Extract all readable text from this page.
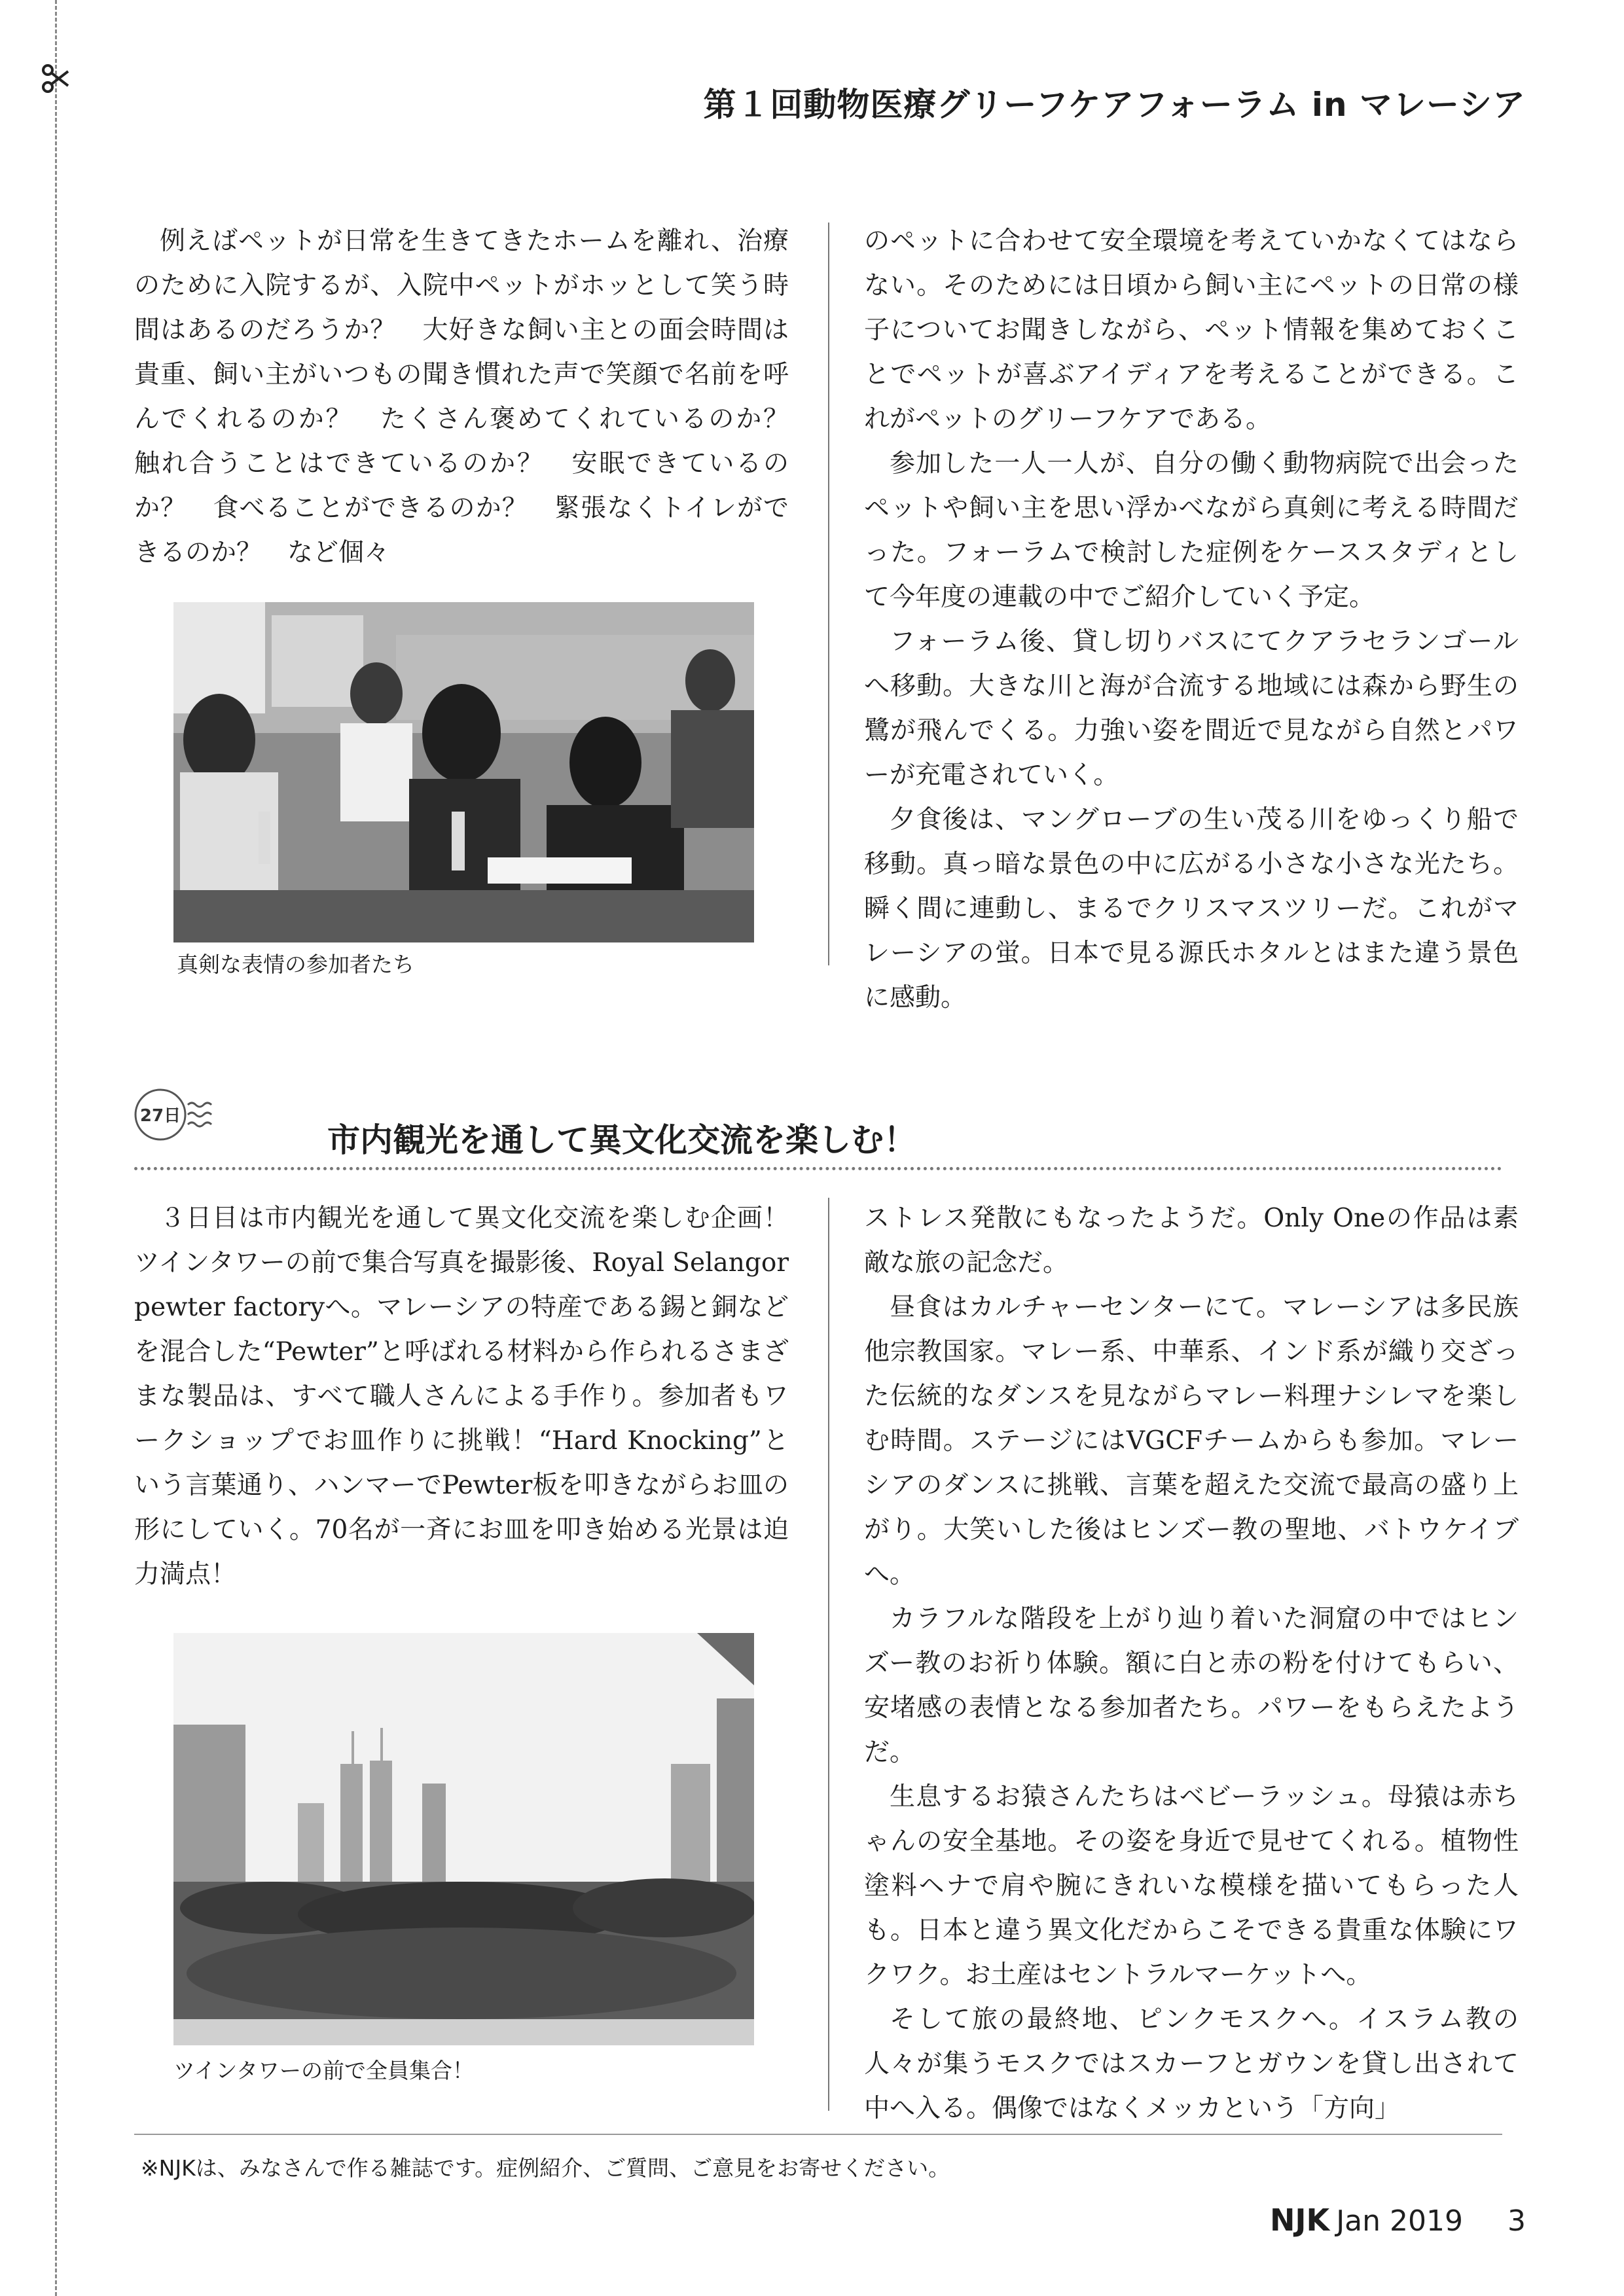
第１回動物医療グリーフケアフォーラム in マレーシア

例えばペットが日常を生きてきたホームを離れ、治療のために入院するが、入院中ペットがホッとして笑う時間はあるのだろうか？　大好きな飼い主との面会時間は貴重、飼い主がいつもの聞き慣れた声で笑顔で名前を呼んでくれるのか？　たくさん褒めてくれているのか？　触れ合うことはできているのか？　安眠できているのか？　食べることができるのか？　緊張なくトイレができるのか？　など個々

のペットに合わせて安全環境を考えていかなくてはならない。そのためには日頃から飼い主にペットの日常の様子についてお聞きしながら、ペット情報を集めておくことでペットが喜ぶアイディアを考えることができる。これがペットのグリーフケアである。

参加した一人一人が、自分の働く動物病院で出会ったペットや飼い主を思い浮かべながら真剣に考える時間だった。フォーラムで検討した症例をケーススタディとして今年度の連載の中でご紹介していく予定。

フォーラム後、貸し切りバスにてクアラセランゴールへ移動。大きな川と海が合流する地域には森から野生の鷺が飛んでくる。力強い姿を間近で見ながら自然とパワーが充電されていく。

夕食後は、マングローブの生い茂る川をゆっくり船で移動。真っ暗な景色の中に広がる小さな小さな光たち。瞬く間に連動し、まるでクリスマスツリーだ。これがマレーシアの蛍。日本で見る源氏ホタルとはまた違う景色に感動。

真剣な表情の参加者たち
27日
市内観光を通して異文化交流を楽しむ！

３日目は市内観光を通して異文化交流を楽しむ企画！　ツインタワーの前で集合写真を撮影後、Royal Selangor pewter factoryへ。マレーシアの特産である錫と銅などを混合した“Pewter”と呼ばれる材料から作られるさまざまな製品は、すべて職人さんによる手作り。参加者もワークショップでお皿作りに挑戦！“Hard Knocking”という言葉通り、ハンマーでPewter板を叩きながらお皿の形にしていく。70名が一斉にお皿を叩き始める光景は迫力満点！

ストレス発散にもなったようだ。Only Oneの作品は素敵な旅の記念だ。

昼食はカルチャーセンターにて。マレーシアは多民族他宗教国家。マレー系、中華系、インド系が織り交ざった伝統的なダンスを見ながらマレー料理ナシレマを楽しむ時間。ステージにはVGCFチームからも参加。マレーシアのダンスに挑戦、言葉を超えた交流で最高の盛り上がり。大笑いした後はヒンズー教の聖地、バトウケイブへ。

カラフルな階段を上がり辿り着いた洞窟の中ではヒンズー教のお祈り体験。額に白と赤の粉を付けてもらい、安堵感の表情となる参加者たち。パワーをもらえたようだ。

生息するお猿さんたちはベビーラッシュ。母猿は赤ちゃんの安全基地。その姿を身近で見せてくれる。植物性塗料ヘナで肩や腕にきれいな模様を描いてもらった人も。日本と違う異文化だからこそできる貴重な体験にワクワク。お土産はセントラルマーケットへ。

そして旅の最終地、ピンクモスクへ。イスラム教の人々が集うモスクではスカーフとガウンを貸し出されて中へ入る。偶像ではなくメッカという「方向」

ツインタワーの前で全員集合！
※NJKは、みなさんで作る雑誌です。症例紹介、ご質問、ご意見をお寄せください。
NJK Jan 2019 3
